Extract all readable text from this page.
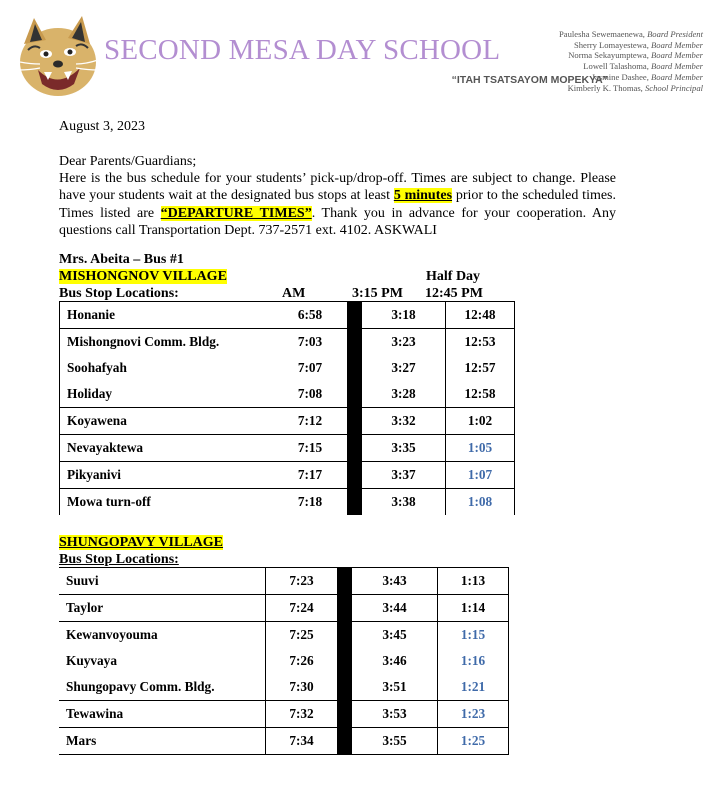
SECOND MESA DAY SCHOOL
“ITAH TSATSAYOM MOPEKYA”
Paulesha Sewemaenewa, Board President
Sherry Lomayestewa, Board Member
Norma Sekayumptewa, Board Member
Lowell Talashoma, Board Member
Jasmine Dashee, Board Member
Kimberly K. Thomas, School Principal
August 3, 2023

Dear Parents/Guardians;

Here is the bus schedule for your students’ pick-up/drop-off. Times are subject to change. Please have your students wait at the designated bus stops at least 5 minutes prior to the scheduled times. Times listed are “DEPARTURE TIMES”. Thank you in advance for your cooperation. Any questions call Transportation Dept. 737-2571 ext. 4102. ASKWALI

Mrs. Abeita – Bus #1
MISHONGNOV VILLAGE	Half Day
Bus Stop Locations:	AM	3:15 PM 12:45 PM
Honanie	6:58		3:18	12:48
Mishongnovi Comm. Bldg.	7:03		3:23	12:53
Soohafyah	7:07		3:27	12:57
Holiday	7:08		3:28	12:58
Koyawena	7:12		3:32	1:02
Nevayaktewa	7:15		3:35	1:05
Pikyanivi	7:17		3:37	1:07
Mowa turn-off	7:18		3:38	1:08
SHUNGOPAVY VILLAGE
Bus Stop Locations:
Suuvi	7:23		3:43	1:13
Taylor	7:24		3:44	1:14
Kewanvoyouma	7:25		3:45	1:15
Kuyvaya	7:26		3:46	1:16
Shungopavy Comm. Bldg.	7:30		3:51	1:21
Tewawina	7:32		3:53	1:23
Mars	7:34		3:55	1:25
